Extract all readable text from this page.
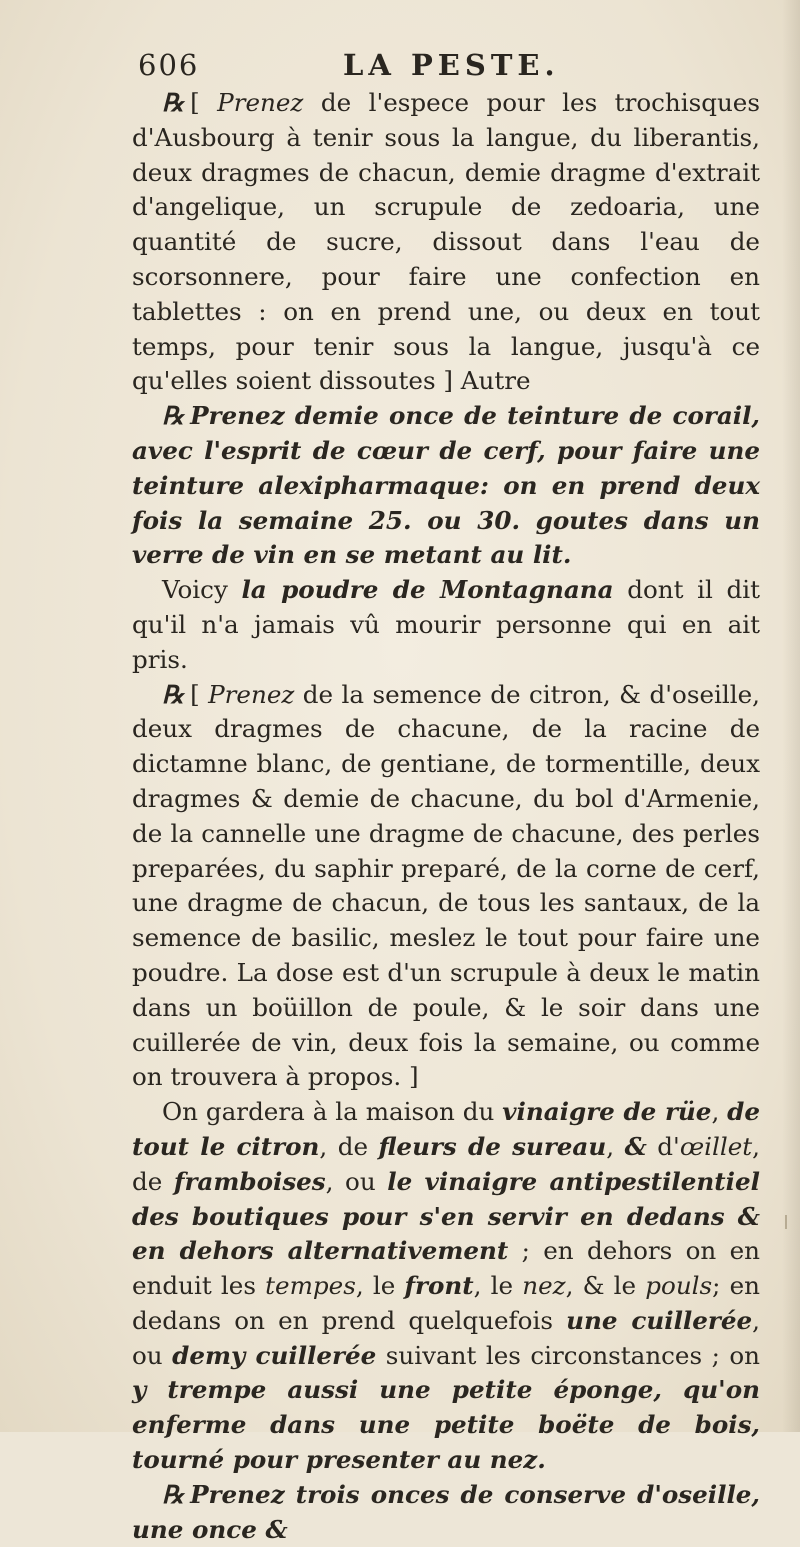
606	LA PESTE.

℞ [ Prenez de l'espece pour les trochisques d'Ausbourg à tenir sous la langue, du liberantis, deux dragmes de chacun, demie dragme d'extrait d'angelique, un scrupule de zedoaria, une quantité de sucre, dissout dans l'eau de scorsonnere, pour faire une confection en tablettes : on en prend une, ou deux en tout temps, pour tenir sous la langue, jusqu'à ce qu'elles soient dissoutes ] Autre

℞ Prenez demie once de teinture de corail, avec l'esprit de cœur de cerf, pour faire une teinture alexipharmaque: on en prend deux fois la semaine 25. ou 30. goutes dans un verre de vin en se metant au lit.

Voicy la poudre de Montagnana dont il dit qu'il n'a jamais vû mourir personne qui en ait pris.

℞ [ Prenez de la semence de citron, & d'oseille, deux dragmes de chacune, de la racine de dictamne blanc, de gentiane, de tormentille, deux dragmes & demie de chacune, du bol d'Armenie, de la cannelle une dragme de chacune, des perles preparées, du saphir preparé, de la corne de cerf, une dragme de chacun, de tous les santaux, de la semence de basilic, meslez le tout pour faire une poudre. La dose est d'un scrupule à deux le matin dans un boüillon de poule, & le soir dans une cuillerée de vin, deux fois la semaine, ou comme on trouvera à propos. ]

On gardera à la maison du vinaigre de rüe, de tout le citron, de fleurs de sureau, & d'œillet, de framboises, ou le vinaigre antipestilentiel des boutiques pour s'en servir en dedans & en dehors alternativement ; en dehors on en enduit les tempes, le front, le nez, & le pouls; en dedans on en prend quelquefois une cuillerée, ou demy cuillerée suivant les circonstances ; on y trempe aussi une petite éponge, qu'on enferme dans une petite boëte de bois, tourné pour presenter au nez.

℞ Prenez trois onces de conserve d'oseille, une once &
